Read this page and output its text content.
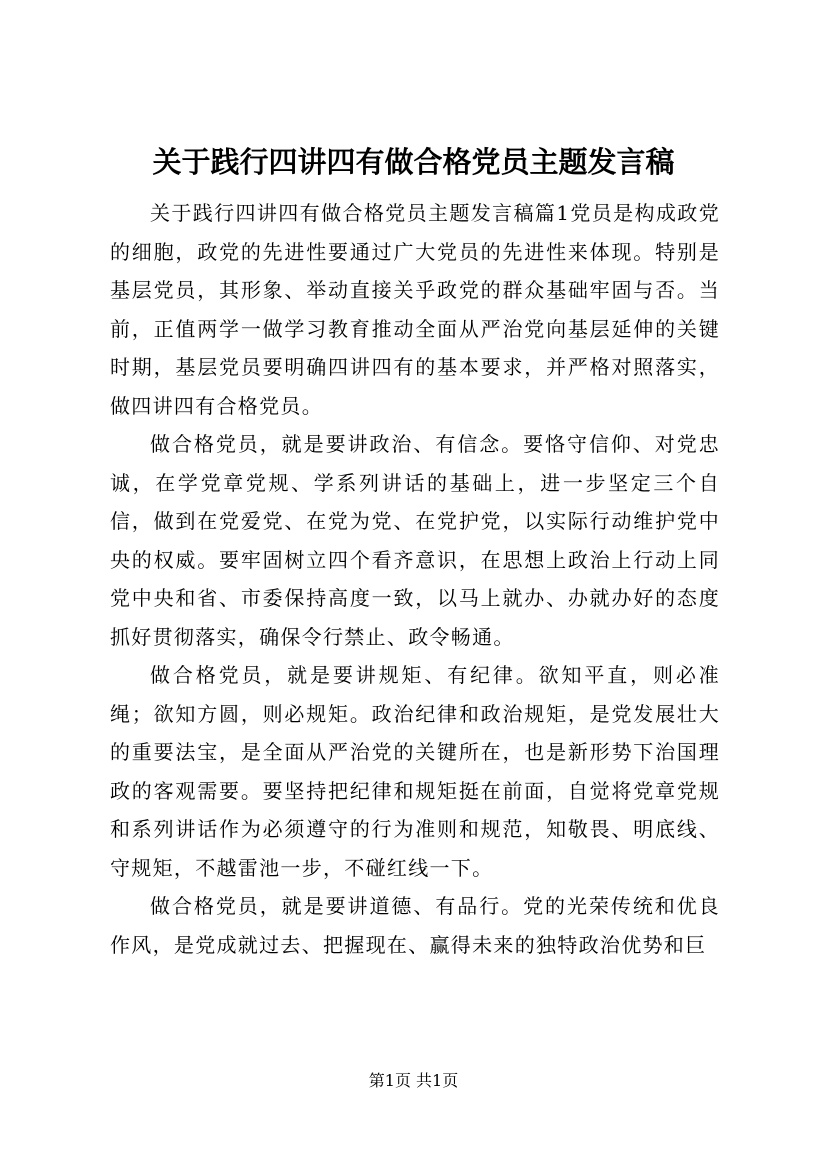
关于践行四讲四有做合格党员主题发言稿

关于践行四讲四有做合格党员主题发言稿篇1党员是构成政党的细胞，政党的先进性要通过广大党员的先进性来体现。特别是基层党员，其形象、举动直接关乎政党的群众基础牢固与否。当前，正值两学一做学习教育推动全面从严治党向基层延伸的关键时期，基层党员要明确四讲四有的基本要求，并严格对照落实，做四讲四有合格党员。

做合格党员，就是要讲政治、有信念。要恪守信仰、对党忠诚，在学党章党规、学系列讲话的基础上，进一步坚定三个自信，做到在党爱党、在党为党、在党护党，以实际行动维护党中央的权威。要牢固树立四个看齐意识，在思想上政治上行动上同党中央和省、市委保持高度一致，以马上就办、办就办好的态度抓好贯彻落实，确保令行禁止、政令畅通。

做合格党员，就是要讲规矩、有纪律。欲知平直，则必准绳；欲知方圆，则必规矩。政治纪律和政治规矩，是党发展壮大的重要法宝，是全面从严治党的关键所在，也是新形势下治国理政的客观需要。要坚持把纪律和规矩挺在前面，自觉将党章党规和系列讲话作为必须遵守的行为准则和规范，知敬畏、明底线、守规矩，不越雷池一步，不碰红线一下。

做合格党员，就是要讲道德、有品行。党的光荣传统和优良作风，是党成就过去、把握现在、赢得未来的独特政治优势和巨

第1页 共1页
